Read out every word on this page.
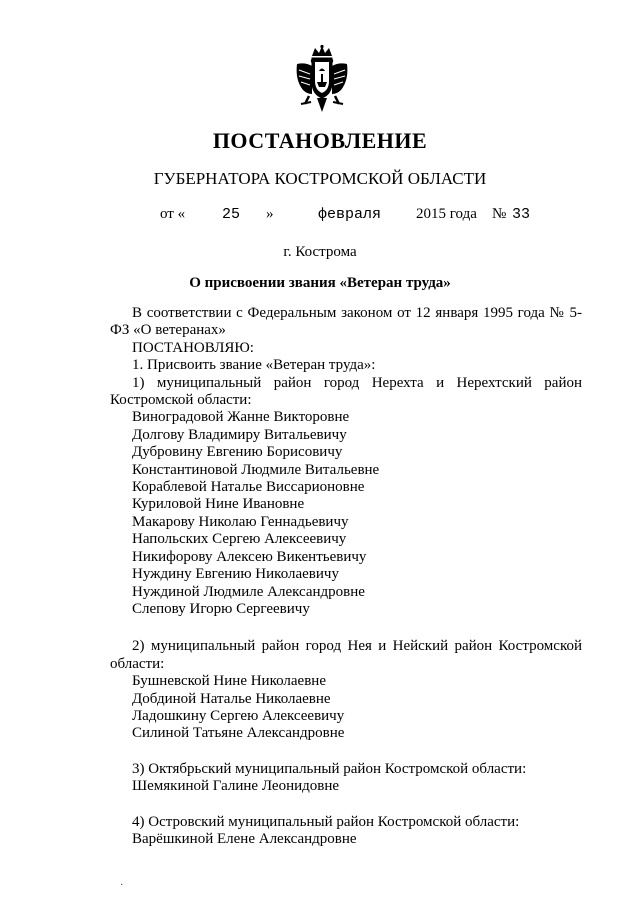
ПОСТАНОВЛЕНИЕ
ГУБЕРНАТОРА КОСТРОМСКОЙ ОБЛАСТИ
от « 25 »	февраля 2015 года № 33
г. Кострома
О присвоении звания «Ветеран труда»

В соответствии с Федеральным законом от 12 января 1995 года № 5-ФЗ «О ветеранах»

ПОСТАНОВЛЯЮ:

1. Присвоить звание «Ветеран труда»:

1) муниципальный район город Нерехта и Нерехтский район Костромской области:

Виноградовой Жанне Викторовне

Долгову Владимиру Витальевичу

Дубровину Евгению Борисовичу

Константиновой Людмиле Витальевне

Кораблевой Наталье Виссарионовне

Куриловой Нине Ивановне

Макарову Николаю Геннадьевичу

Напольских Сергею Алексеевичу

Никифорову Алексею Викентьевичу

Нуждину Евгению Николаевичу

Нуждиной Людмиле Александровне

Слепову Игорю Сергеевичу

2) муниципальный район город Нея и Нейский район Костромской области:

Бушневской Нине Николаевне

Добдиной Наталье Николаевне

Ладошкину Сергею Алексеевичу

Силиной Татьяне Александровне

3) Октябрьский муниципальный район Костромской области:

Шемякиной Галине Леонидовне

4) Островский муниципальный район Костромской области:

Варёшкиной Елене Александровне

·
